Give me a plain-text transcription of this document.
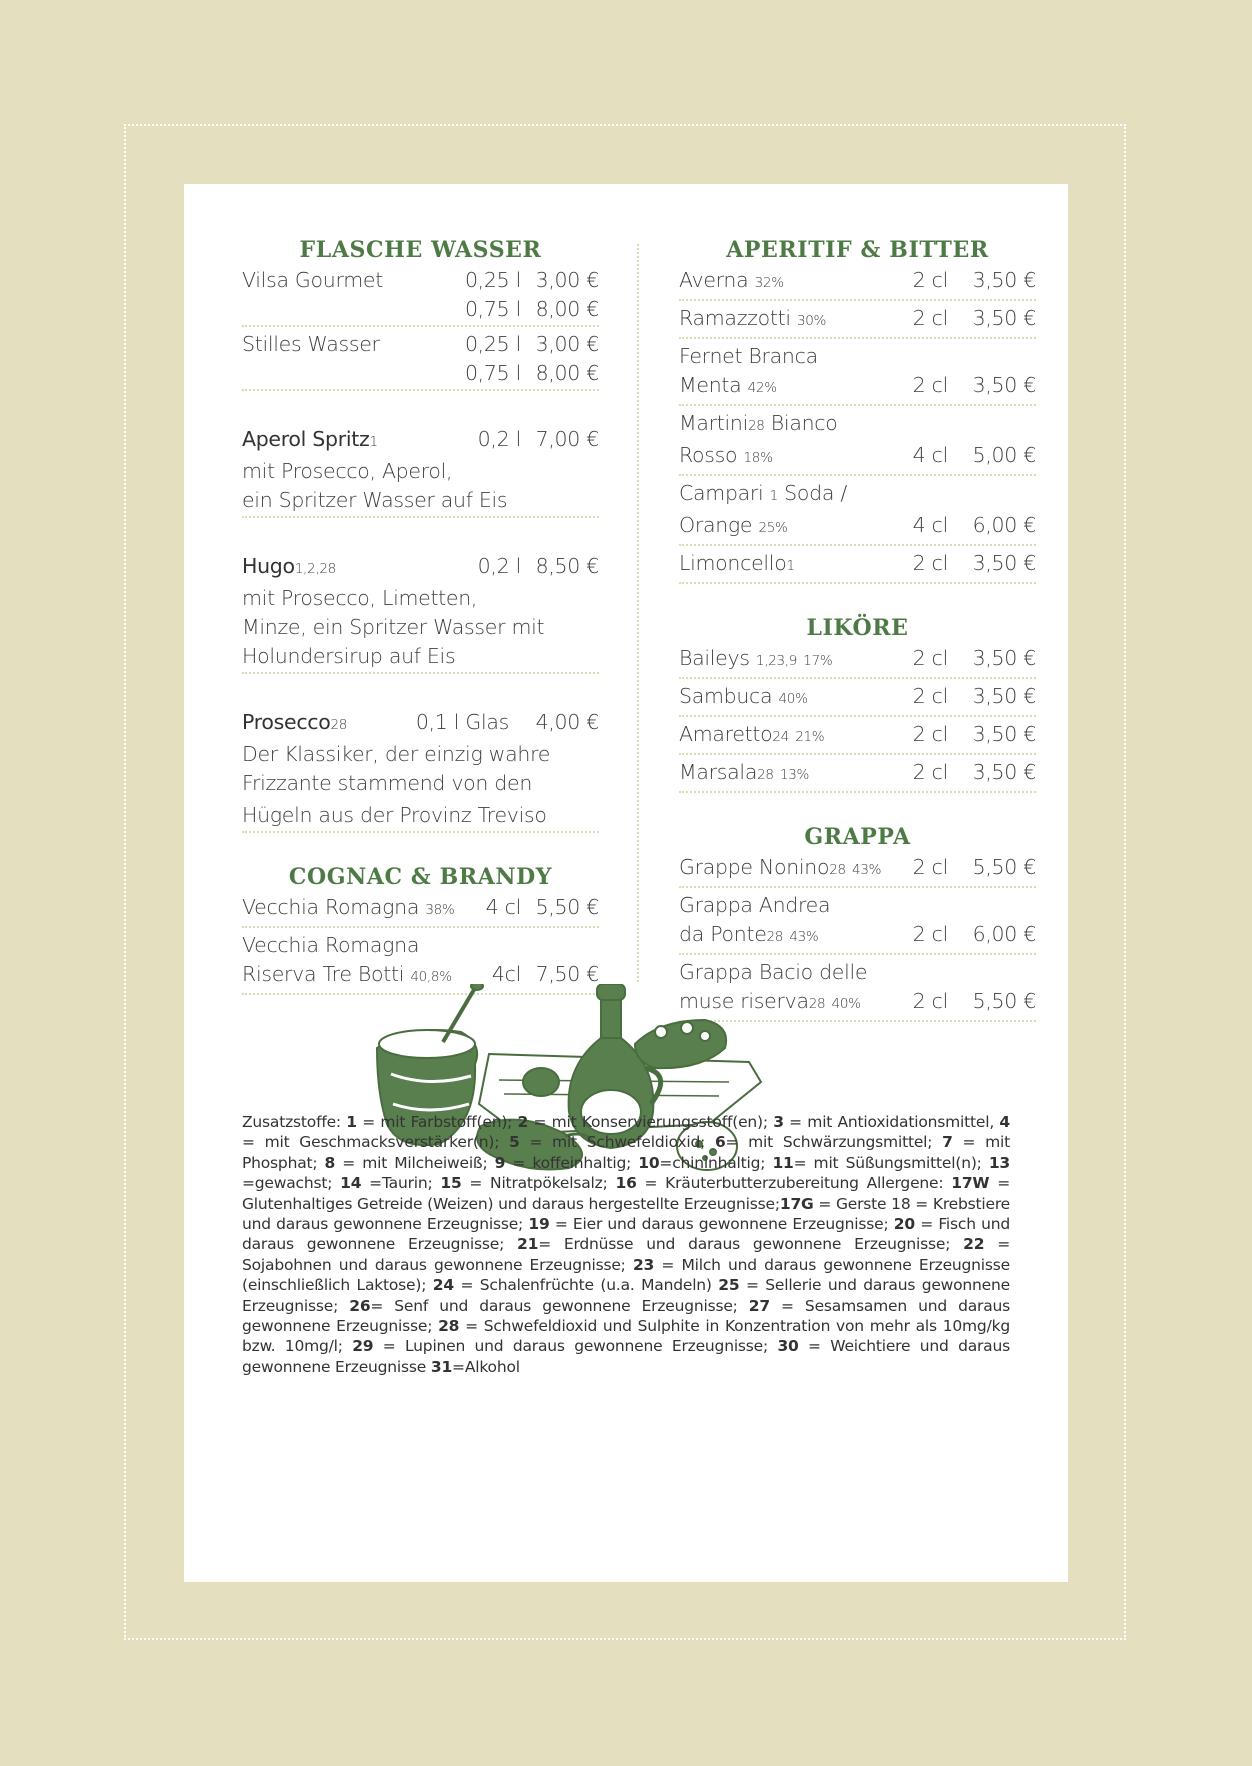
FLASCHE WASSER
Vilsa Gourmet	0,25 l 3,00 €
0,75 l 8,00 €
Stilles Wasser	0,25 l 3,00 €
0,75 l 8,00 €
Aperol Spritz1	0,2 l 7,00 €
mit Prosecco, Aperol,
ein Spritzer Wasser auf Eis
Hugo1,2,28	0,2 l 8,50 €
mit Prosecco, Limetten,
Minze, ein Spritzer Wasser mit
Holundersirup auf Eis
Prosecco28	0,1 l Glas	4,00 €
Der Klassiker, der einzig wahre
Frizzante stammend von den
Hügeln aus der Provinz Treviso
COGNAC & BRANDY
Vecchia Romagna 38%	4 cl 5,50 €
Vecchia Romagna
Riserva Tre Botti 40,8%	4cl 7,50 €
APERITIF & BITTER
Averna 32%	2 cl	3,50 €
Ramazzotti 30%	2 cl	3,50 €
Fernet Branca
Menta 42%	2 cl	3,50 €
Martini28 Bianco
Rosso 18%	4 cl	5,00 €
Campari 1 Soda /
Orange 25%	4 cl	6,00 €
Limoncello1	2 cl	3,50 €
LIKÖRE
Baileys 1,23,9 17%	2 cl	3,50 €
Sambuca 40%	2 cl	3,50 €
Amaretto24 21%	2 cl	3,50 €
Marsala28 13%	2 cl	3,50 €
GRAPPA
Grappe Nonino28 43%	2 cl	5,50 €
Grappa Andrea
da Ponte28 43%	2 cl	6,00 €
Grappa Bacio delle
muse riserva28 40%	2 cl	5,50 €
Zusatzstoffe: 1 = mit Farbstoff(en); 2 = mit Konservierungsstoff(en); 3 = mit Antioxidationsmittel, 4 = mit Geschmacksverstärker(n); 5 = mit Schwefeldioxid; 6= mit Schwärzungsmittel; 7 = mit Phosphat; 8 = mit Milcheiweiß; 9 = koffeinhaltig; 10=chininhaltig; 11= mit Süßungsmittel(n); 13 =gewachst; 14 =Taurin; 15 = Nitratpökelsalz; 16 = Kräuterbutterzubereitung Allergene: 17W = Glutenhaltiges Getreide (Weizen) und daraus hergestellte Erzeugnisse;17G = Gerste 18 = Krebstiere und daraus gewonnene Erzeugnisse; 19 = Eier und daraus gewonnene Erzeugnisse; 20 = Fisch und daraus gewonnene Erzeugnisse; 21= Erdnüsse und daraus gewonnene Erzeugnisse; 22 = Sojabohnen und daraus gewonnene Erzeugnisse; 23 = Milch und daraus gewonnene Erzeugnisse (einschließlich Laktose); 24 = Schalenfrüchte (u.a. Mandeln) 25 = Sellerie und daraus gewonnene Erzeugnisse; 26= Senf und daraus gewonnene Erzeugnisse; 27 = Sesamsamen und daraus gewonnene Erzeugnisse; 28 = Schwefeldioxid und Sulphite in Konzentration von mehr als 10mg/kg bzw. 10mg/l; 29 = Lupinen und daraus gewonnene Erzeugnisse; 30 = Weichtiere und daraus gewonnene Erzeugnisse 31=Alkohol
